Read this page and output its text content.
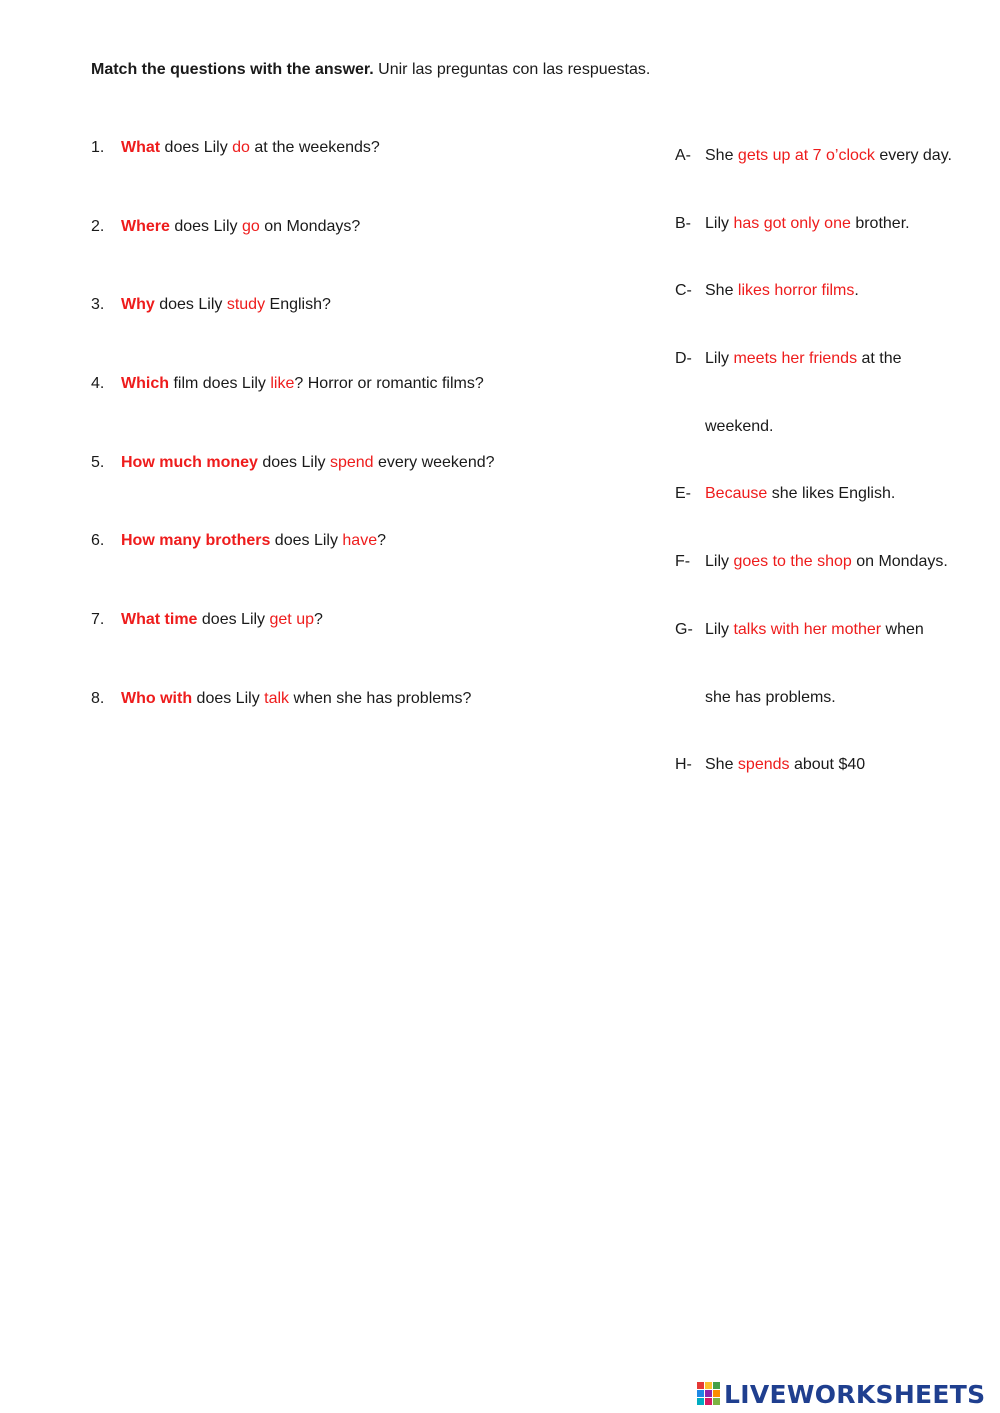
Match the questions with the answer. Unir las preguntas con las respuestas.
1. What does Lily do at the weekends?
2. Where does Lily go on Mondays?
3. Why does Lily study English?
4. Which film does Lily like? Horror or romantic films?
5. How much money does Lily spend every weekend?
6. How many brothers does Lily have?
7. What time does Lily get up?
8. Who with does Lily talk when she has problems?
A- She gets up at 7 o’clock every day.
B- Lily has got only one brother.
C- She likes horror films.
D- Lily meets her friends at the
weekend.
E- Because she likes English.
F- Lily goes to the shop on Mondays.
G- Lily talks with her mother when
she has problems.
H- She spends about $40
LIVEWORKSHEETS
